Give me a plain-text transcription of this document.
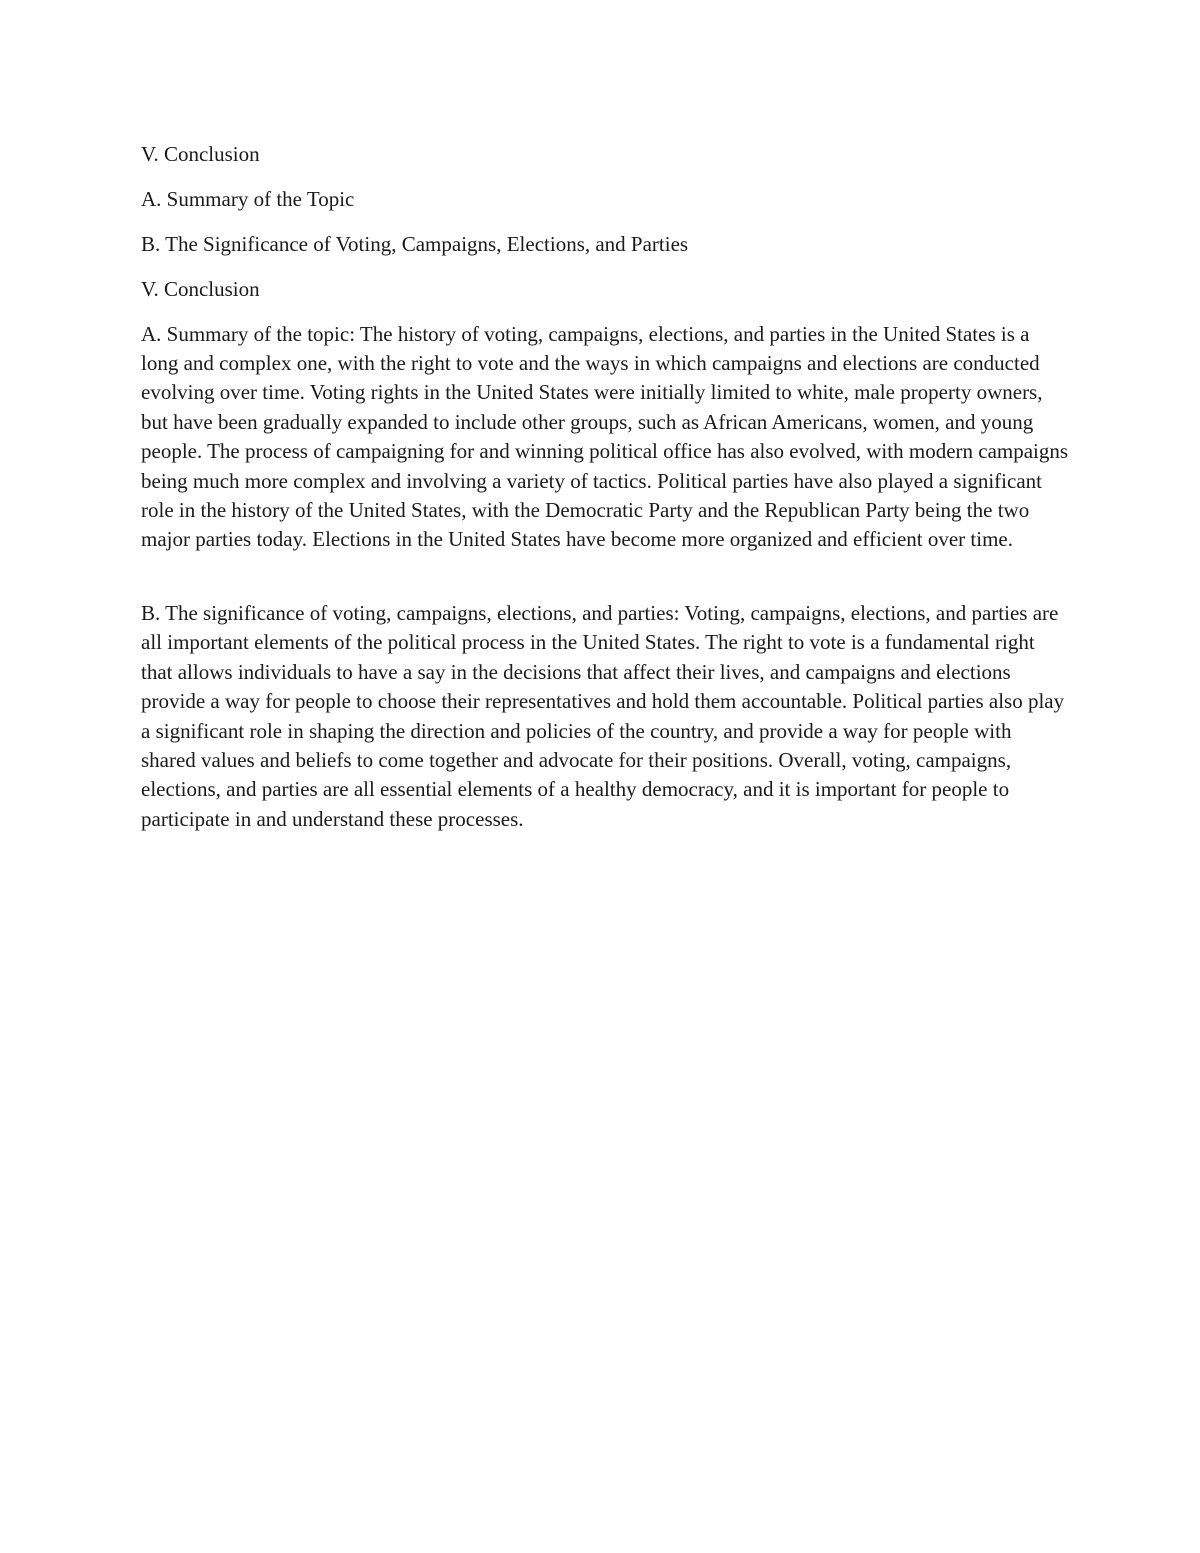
V. Conclusion

A. Summary of the Topic

B. The Significance of Voting, Campaigns, Elections, and Parties

V. Conclusion

A. Summary of the topic: The history of voting, campaigns, elections, and parties in the United States is a long and complex one, with the right to vote and the ways in which campaigns and elections are conducted evolving over time. Voting rights in the United States were initially limited to white, male property owners, but have been gradually expanded to include other groups, such as African Americans, women, and young people. The process of campaigning for and winning political office has also evolved, with modern campaigns being much more complex and involving a variety of tactics. Political parties have also played a significant role in the history of the United States, with the Democratic Party and the Republican Party being the two major parties today. Elections in the United States have become more organized and efficient over time.

B. The significance of voting, campaigns, elections, and parties: Voting, campaigns, elections, and parties are all important elements of the political process in the United States. The right to vote is a fundamental right that allows individuals to have a say in the decisions that affect their lives, and campaigns and elections provide a way for people to choose their representatives and hold them accountable. Political parties also play a significant role in shaping the direction and policies of the country, and provide a way for people with shared values and beliefs to come together and advocate for their positions. Overall, voting, campaigns, elections, and parties are all essential elements of a healthy democracy, and it is important for people to participate in and understand these processes.
